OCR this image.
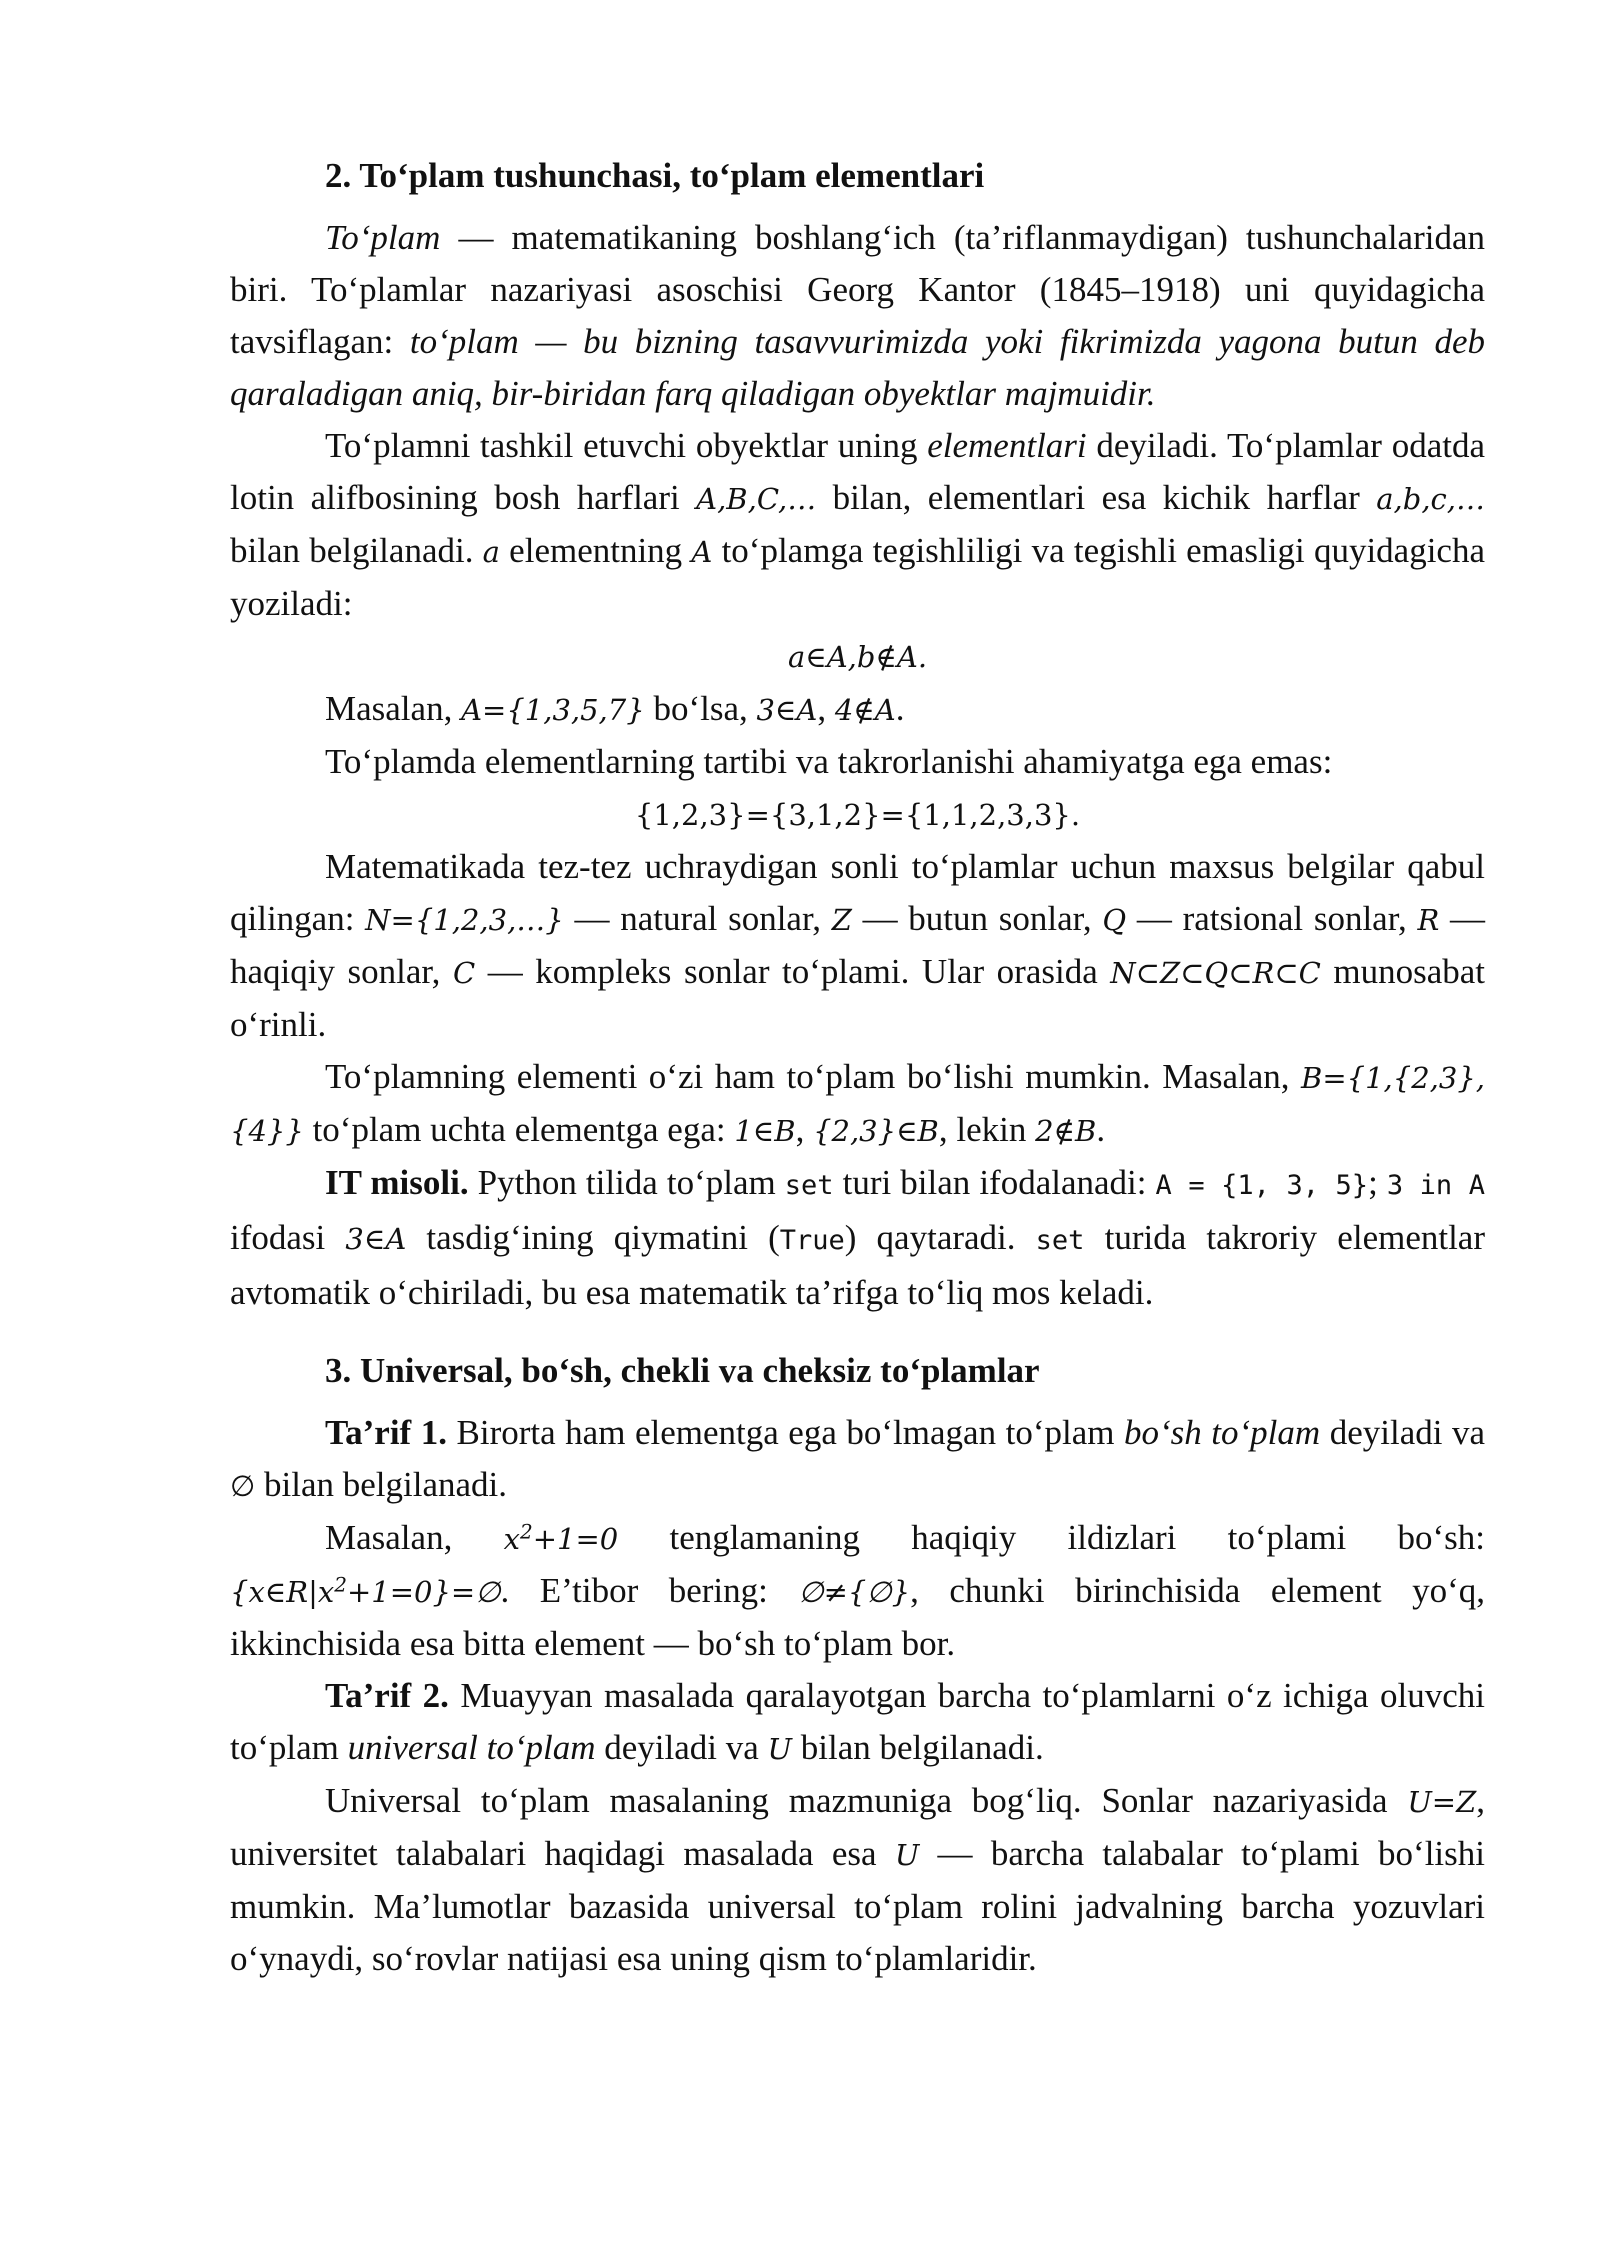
2. To‘plam tushunchasi, to‘plam elementlari

To‘plam — matematikaning boshlang‘ich (ta’riflanmaydigan) tushunchalaridan biri. To‘plamlar nazariyasi asoschisi Georg Kantor (1845–1918) uni quyidagicha tavsiflagan: to‘plam — bu bizning tasavvurimizda yoki fikrimizda yagona butun deb qaraladigan aniq, bir-biridan farq qiladigan obyektlar majmuidir.

To‘plamni tashkil etuvchi obyektlar uning elementlari deyiladi. To‘plamlar odatda lotin alifbosining bosh harflari A,B,C,… bilan, elementlari esa kichik harflar a,b,c,… bilan belgilanadi. a elementning A to‘plamga tegishliligi va tegishli emasligi quyidagicha yoziladi:

a∈A,b∉A.

Masalan, A={1,3,5,7} bo‘lsa, 3∈A, 4∉A.

To‘plamda elementlarning tartibi va takrorlanishi ahamiyatga ega emas:

{1,2,3}={3,1,2}={1,1,2,3,3}.

Matematikada tez-tez uchraydigan sonli to‘plamlar uchun maxsus belgilar qabul qilingan: N={1,2,3,…} — natural sonlar, Z — butun sonlar, Q — ratsional sonlar, R — haqiqiy sonlar, C — kompleks sonlar to‘plami. Ular orasida N⊂Z⊂Q⊂R⊂C munosabat o‘rinli.

To‘plamning elementi o‘zi ham to‘plam bo‘lishi mumkin. Masalan, B={1,{2,3},{4}} to‘plam uchta elementga ega: 1∈B, {2,3}∈B, lekin 2∉B.

IT misoli. Python tilida to‘plam set turi bilan ifodalanadi: A = {1, 3, 5}; 3 in A ifodasi 3∈A tasdig‘ining qiymatini (True) qaytaradi. set turida takroriy elementlar avtomatik o‘chiriladi, bu esa matematik ta’rifga to‘liq mos keladi.

3. Universal, bo‘sh, chekli va cheksiz to‘plamlar

Ta’rif 1. Birorta ham elementga ega bo‘lmagan to‘plam bo‘sh to‘plam deyiladi va ∅ bilan belgilanadi.

Masalan, $x^2+1=0$ tenglamaning haqiqiy ildizlari to‘plami bo‘sh: $\{x\in R|x^2+1=0\}=\emptyset$. E’tibor bering: ∅≠{∅}, chunki birinchisida element yo‘q, ikkinchisida esa bitta element — bo‘sh to‘plam bor.

Ta’rif 2. Muayyan masalada qaralayotgan barcha to‘plamlarni o‘z ichiga oluvchi to‘plam universal to‘plam deyiladi va U bilan belgilanadi.

Universal to‘plam masalaning mazmuniga bog‘liq. Sonlar nazariyasida U=Z, universitet talabalari haqidagi masalada esa U — barcha talabalar to‘plami bo‘lishi mumkin. Ma’lumotlar bazasida universal to‘plam rolini jadvalning barcha yozuvlari o‘ynaydi, so‘rovlar natijasi esa uning qism to‘plamlaridir.
